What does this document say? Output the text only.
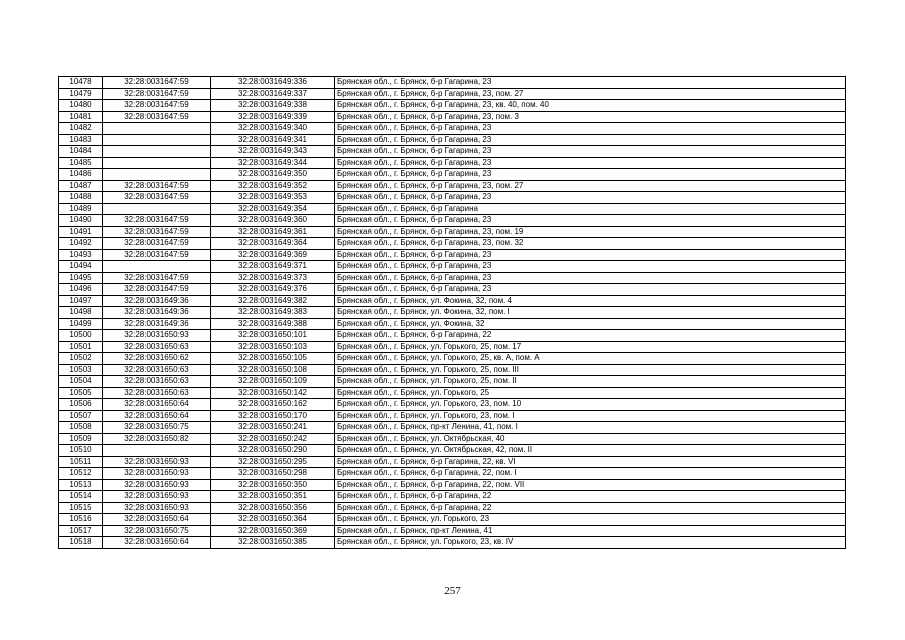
10478	32:28:0031647:59	32:28:0031649:336	Брянская обл., г. Брянск, б-р Гагарина, 23
10479	32:28:0031647:59	32:28:0031649:337	Брянская обл., г. Брянск, б-р Гагарина, 23, пом. 27
10480	32:28:0031647:59	32:28:0031649:338	Брянская обл., г. Брянск, б-р Гагарина, 23, кв. 40, пом. 40
10481	32:28:0031647:59	32:28:0031649:339	Брянская обл., г. Брянск, б-р Гагарина, 23, пом. 3
10482		32:28:0031649:340	Брянская обл., г. Брянск, б-р Гагарина, 23
10483		32:28:0031649:341	Брянская обл., г. Брянск, б-р Гагарина, 23
10484		32:28:0031649:343	Брянская обл., г. Брянск, б-р Гагарина, 23
10485		32:28:0031649:344	Брянская обл., г. Брянск, б-р Гагарина, 23
10486		32:28:0031649:350	Брянская обл., г. Брянск, б-р Гагарина, 23
10487	32:28:0031647:59	32:28:0031649:352	Брянская обл., г. Брянск, б-р Гагарина, 23, пом. 27
10488	32:28:0031647:59	32:28:0031649:353	Брянская обл., г. Брянск, б-р Гагарина, 23
10489		32:28:0031649:354	Брянская обл., г. Брянск, б-р Гагарина
10490	32:28:0031647:59	32:28:0031649:360	Брянская обл., г. Брянск, б-р Гагарина, 23
10491	32:28:0031647:59	32:28:0031649:361	Брянская обл., г. Брянск, б-р Гагарина, 23, пом. 19
10492	32:28:0031647:59	32:28:0031649:364	Брянская обл., г. Брянск, б-р Гагарина, 23, пом. 32
10493	32:28:0031647:59	32:28:0031649:369	Брянская обл., г. Брянск, б-р Гагарина, 23
10494		32:28:0031649:371	Брянская обл., г. Брянск, б-р Гагарина, 23
10495	32:28:0031647:59	32:28:0031649:373	Брянская обл., г. Брянск, б-р Гагарина, 23
10496	32:28:0031647:59	32:28:0031649:376	Брянская обл., г. Брянск, б-р Гагарина, 23
10497	32:28:0031649:36	32:28:0031649:382	Брянская обл., г. Брянск, ул. Фокина, 32, пом. 4
10498	32:28:0031649:36	32:28:0031649:383	Брянская обл., г. Брянск, ул. Фокина, 32, пом. I
10499	32:28:0031649:36	32:28:0031649:388	Брянская обл., г. Брянск, ул. Фокина, 32
10500	32:28:0031650:93	32:28:0031650:101	Брянская обл., г. Брянск, б-р Гагарина, 22
10501	32:28:0031650:63	32:28:0031650:103	Брянская обл., г. Брянск, ул. Горького, 25, пом. 17
10502	32:28:0031650:62	32:28:0031650:105	Брянская обл., г. Брянск, ул. Горького, 25, кв. А, пом. А
10503	32:28:0031650:63	32:28:0031650:108	Брянская обл., г. Брянск, ул. Горького, 25, пом. III
10504	32:28:0031650:63	32:28:0031650:109	Брянская обл., г. Брянск, ул. Горького, 25, пом. II
10505	32:28:0031650:63	32:28:0031650:142	Брянская обл., г. Брянск, ул. Горького, 25
10506	32:28:0031650:64	32:28:0031650:162	Брянская обл., г. Брянск, ул. Горького, 23, пом. 10
10507	32:28:0031650:64	32:28:0031650:170	Брянская обл., г. Брянск, ул. Горького, 23, пом. I
10508	32:28:0031650:75	32:28:0031650:241	Брянская обл., г. Брянск, пр-кт Ленина, 41, пом. I
10509	32:28:0031650:82	32:28:0031650:242	Брянская обл., г. Брянск, ул. Октябрьская, 40
10510		32:28:0031650:290	Брянская обл., г. Брянск, ул. Октябрьская, 42, пом. II
10511	32:28:0031650:93	32:28:0031650:295	Брянская обл., г. Брянск, б-р Гагарина, 22, кв. VI
10512	32:28:0031650:93	32:28:0031650:298	Брянская обл., г. Брянск, б-р Гагарина, 22, пом. I
10513	32:28:0031650:93	32:28:0031650:350	Брянская обл., г. Брянск, б-р Гагарина, 22, пом. VII
10514	32:28:0031650:93	32:28:0031650:351	Брянская обл., г. Брянск, б-р Гагарина, 22
10515	32:28:0031650:93	32:28:0031650:356	Брянская обл., г. Брянск, б-р Гагарина, 22
10516	32:28:0031650:64	32:28:0031650:364	Брянская обл., г. Брянск, ул. Горького, 23
10517	32:28:0031650:75	32:28:0031650:369	Брянская обл., г. Брянск, пр-кт Ленина, 41
10518	32:28:0031650:64	32:28:0031650:385	Брянская обл., г. Брянск, ул. Горького, 23, кв. IV
257
